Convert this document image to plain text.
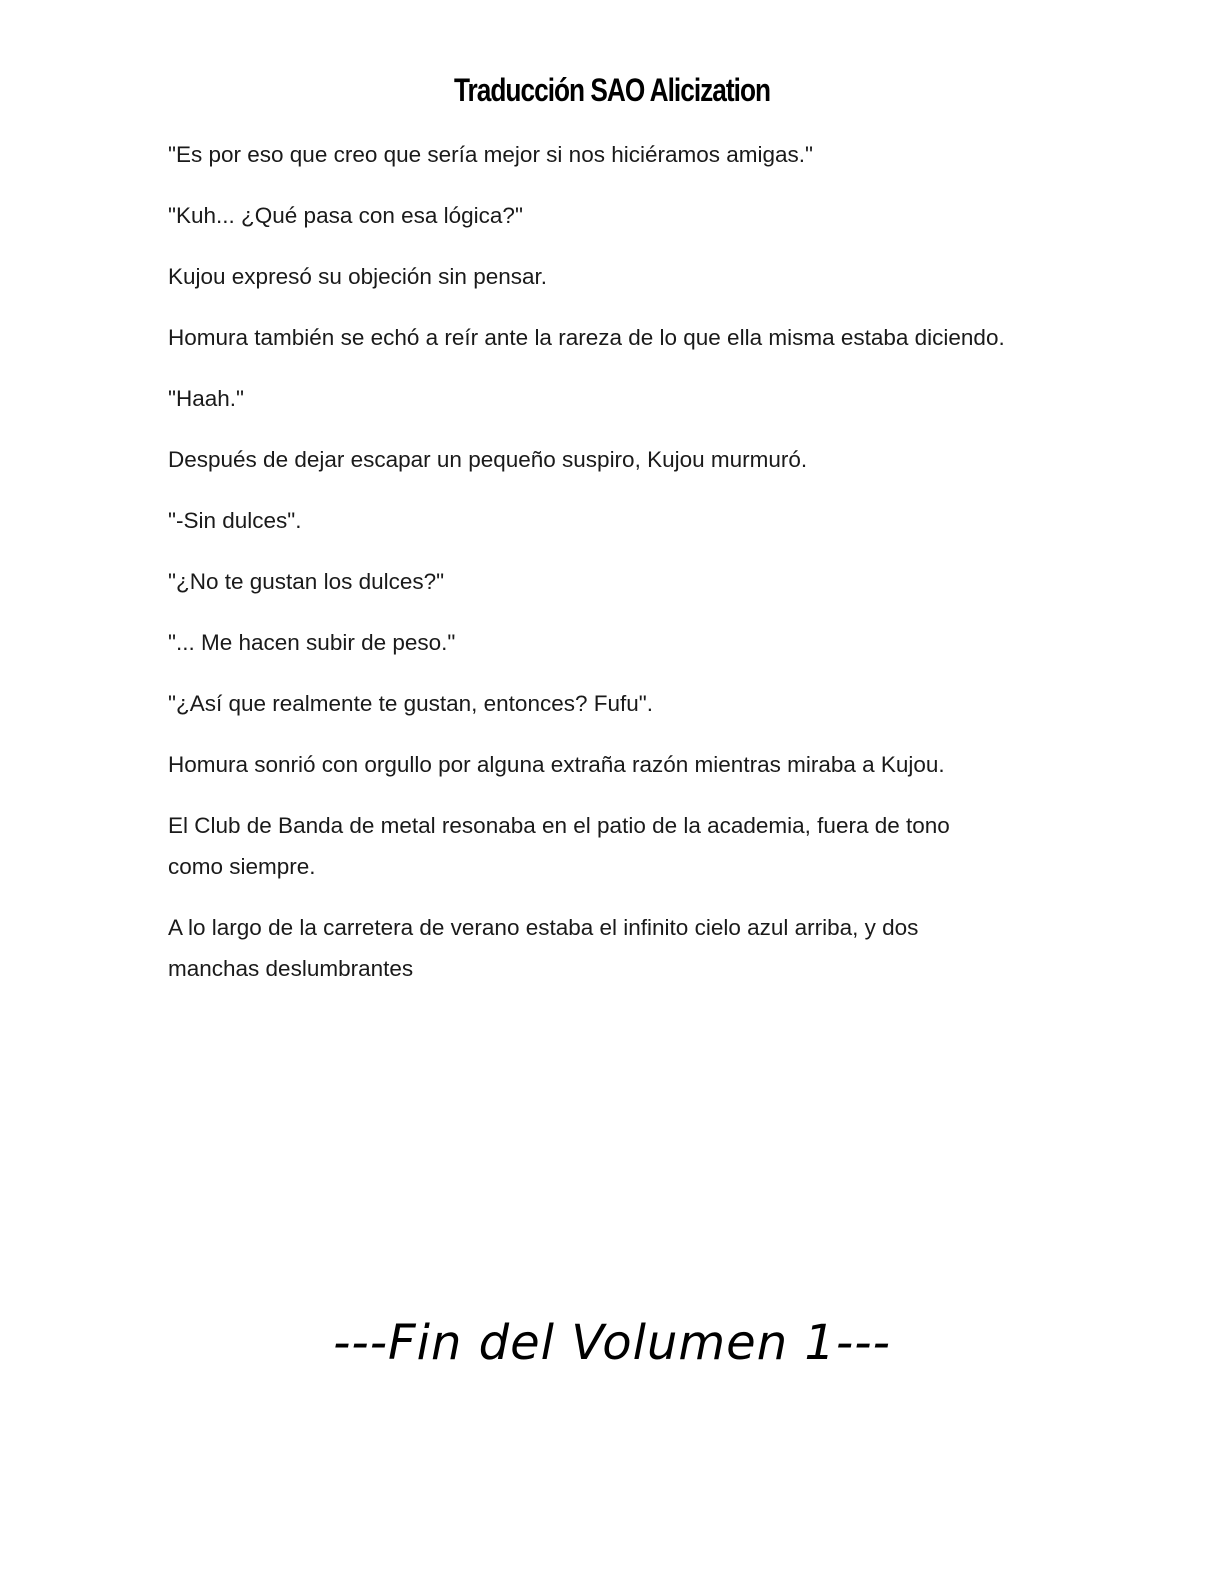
Traducción SAO Alicization

"Es por eso que creo que sería mejor si nos hiciéramos amigas."

"Kuh... ¿Qué pasa con esa lógica?"

Kujou expresó su objeción sin pensar.

Homura también se echó a reír ante la rareza de lo que ella misma estaba diciendo.

"Haah."

Después de dejar escapar un pequeño suspiro, Kujou murmuró.

"-Sin dulces".

"¿No te gustan los dulces?"

"... Me hacen subir de peso."

"¿Así que realmente te gustan, entonces? Fufu".

Homura sonrió con orgullo por alguna extraña razón mientras miraba a Kujou.

El Club de Banda de metal resonaba en el patio de la academia, fuera de tono como siempre.

A lo largo de la carretera de verano estaba el infinito cielo azul arriba, y dos manchas deslumbrantes

---Fin del Volumen 1---
